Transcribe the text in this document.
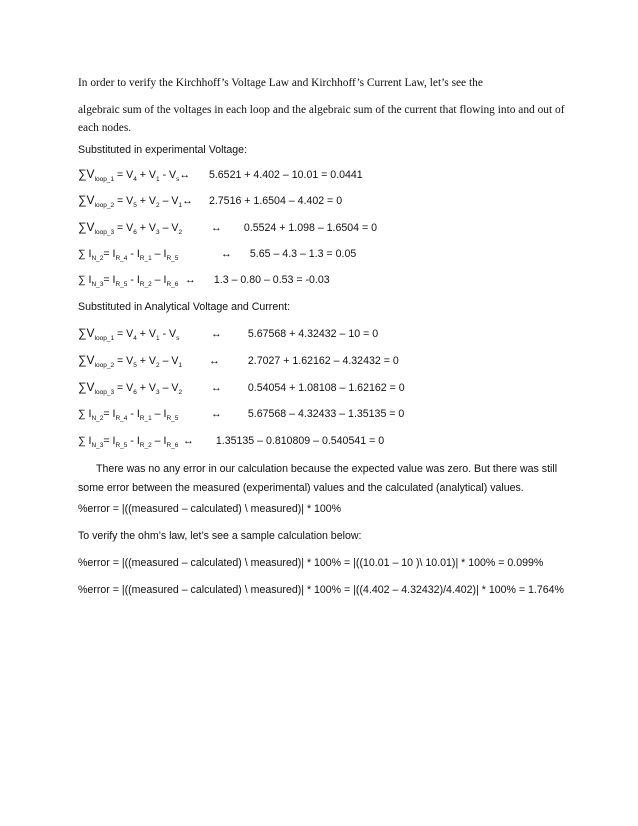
In order to verify the Kirchhoff’s Voltage Law and Kirchhoff’s Current Law, let’s see the
algebraic sum of the voltages in each loop and the algebraic sum of the current that flowing into and out of each nodes.
Substituted in experimental Voltage:
$\sum V_{loop\_1} = V_4 + V_1$ - $V_s\leftrightarrow$ 5.6521 + 4.402 – 10.01 = 0.0441
$\sum V_{loop\_2} = V_5 + V_2$ – $V_1\leftrightarrow$ 2.7516 + 1.6504 – 4.402 = 0
$\sum V_{loop\_3} = V_6 + V_3 - V_2$	↔ 0.5524 + 1.098 – 1.6504 = 0
∑ $I_{N\_2}= I_{R\_4} - I_{R\_1} - I_{R\_5}$	↔ 5.65 – 4.3 – 1.3 = 0.05
∑ $I_{N\_3}= I_{R\_5} - I_{R\_2} - I_{R\_6}$ ↔ 1.3 – 0.80 – 0.53 = -0.03
Substituted in Analytical Voltage and Current:
$\sum V_{loop\_1} = V_4 + V_1 - V_s$	↔ 5.67568 + 4.32432 – 10 = 0
$\sum V_{loop\_2} = V_5 + V_2 - V_1$	↔	2.7027 + 1.62162 – 4.32432 = 0
$\sum V_{loop\_3} = V_6 + V_3 - V_2$	↔ 0.54054 + 1.08108 – 1.62162 = 0
∑ $I_{N\_2}= I_{R\_4} - I_{R\_1} - I_{R\_5}$	↔ 5.67568 – 4.32433 – 1.35135 = 0
∑ $I_{N\_3}= I_{R\_5} - I_{R\_2} - I_{R\_6}$ ↔ 1.35135 – 0.810809 – 0.540541 = 0
There was no any error in our calculation because the expected value was zero. But there was still some error between the measured (experimental) values and the calculated (analytical) values.
%error = |((measured – calculated) \ measured)| * 100%
To verify the ohm’s law, let’s see a sample calculation below:
%error = |((measured – calculated) \ measured)| * 100% = |((10.01 – 10 )\ 10.01)| * 100% = 0.099%
%error = |((measured – calculated) \ measured)| * 100% = |((4.402 – 4.32432)/4.402)| * 100% = 1.764%
